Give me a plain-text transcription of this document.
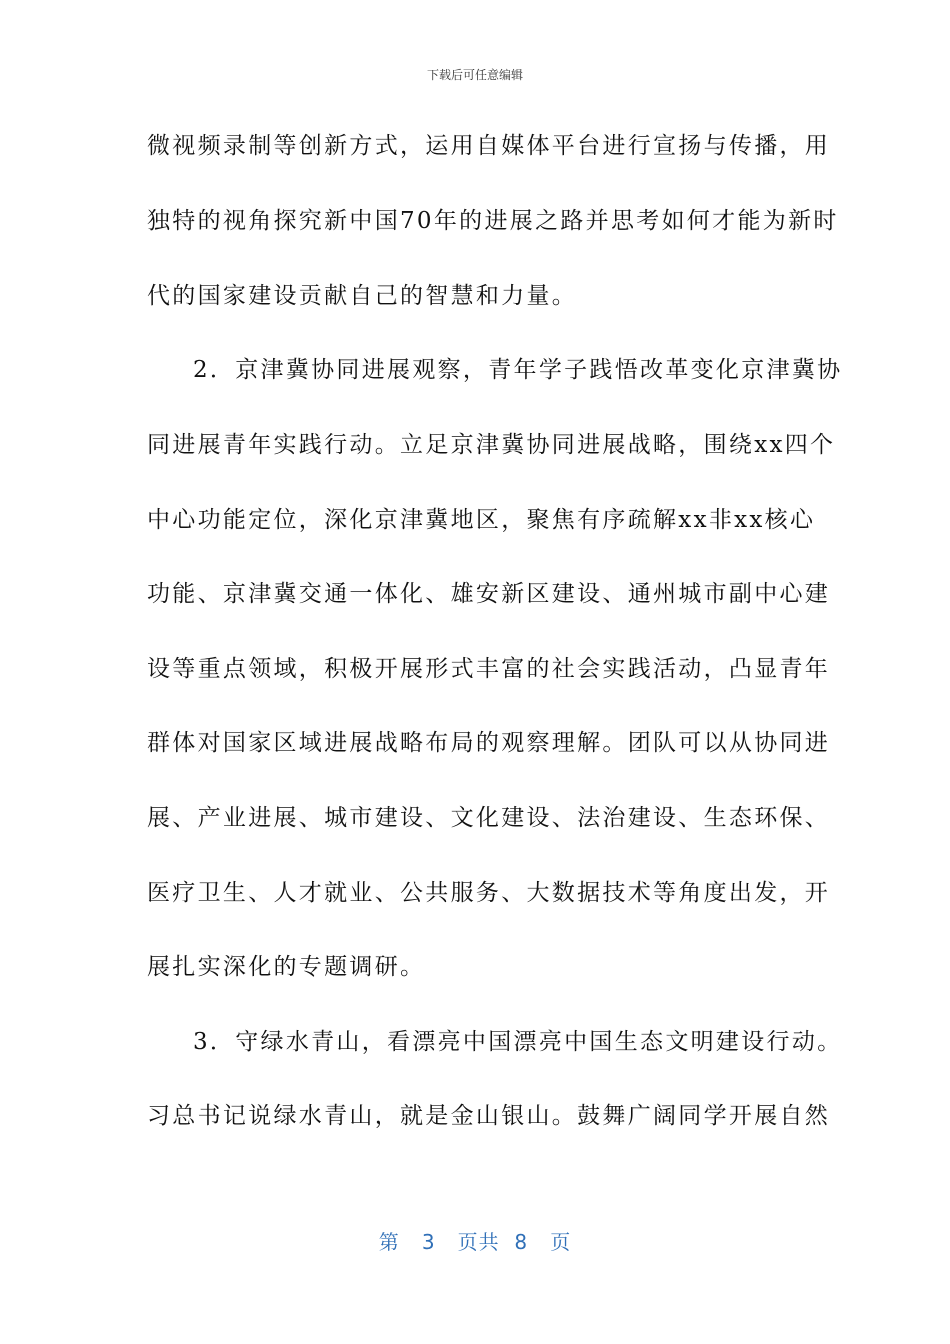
下载后可任意编辑
微视频录制等创新方式，运用自媒体平台进行宣扬与传播，用
独特的视角探究新中国70年的进展之路并思考如何才能为新时
代的国家建设贡献自己的智慧和力量。
2．京津冀协同进展观察，青年学子践悟改革变化京津冀协
同进展青年实践行动。立足京津冀协同进展战略，围绕xx四个
中心功能定位，深化京津冀地区，聚焦有序疏解xx非xx核心
功能、京津冀交通一体化、雄安新区建设、通州城市副中心建
设等重点领域，积极开展形式丰富的社会实践活动，凸显青年
群体对国家区域进展战略布局的观察理解。团队可以从协同进
展、产业进展、城市建设、文化建设、法治建设、生态环保、
医疗卫生、人才就业、公共服务、大数据技术等角度出发，开
展扎实深化的专题调研。
3．守绿水青山，看漂亮中国漂亮中国生态文明建设行动。
习总书记说绿水青山，就是金山银山。鼓舞广阔同学开展自然
第 3 页共 8 页
